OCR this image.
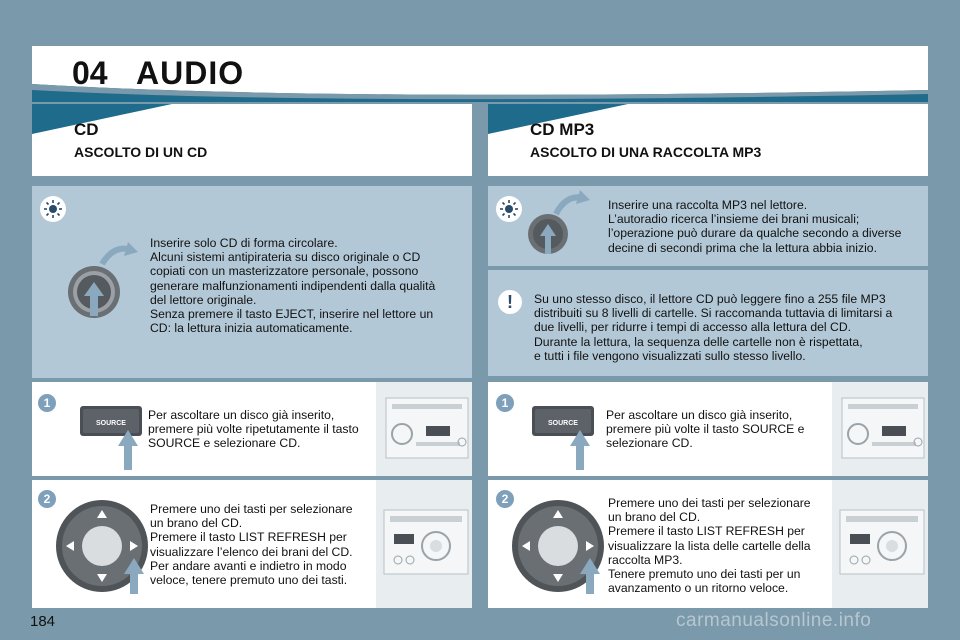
04 AUDIO
CD
ASCOLTO DI UN CD
CD MP3
ASCOLTO DI UNA RACCOLTA MP3
Inserire solo CD di forma circolare.
Alcuni sistemi antipirateria su disco originale o CD
copiati con un masterizzatore personale, possono
generare malfunzionamenti indipendenti dalla qualità
del lettore originale.
Senza premere il tasto EJECT, inserire nel lettore un
CD: la lettura inizia automaticamente.
Inserire una raccolta MP3 nel lettore.
L’autoradio ricerca l’insieme dei brani musicali;
l’operazione può durare da qualche secondo a diverse
decine di secondi prima che la lettura abbia inizio.
!	Su uno stesso disco, il lettore CD può leggere fino a 255 file MP3
distribuiti su 8 livelli di cartelle. Si raccomanda tuttavia di limitarsi a
due livelli, per ridurre i tempi di accesso alla lettura del CD.
Durante la lettura, la sequenza delle cartelle non è rispettata,
e tutti i file vengono visualizzati sullo stesso livello.
SOURCE
Per ascoltare un disco già inserito,
premere più volte ripetutamente il tasto
SOURCE e selezionare CD.
1
SOURCE
Per ascoltare un disco già inserito,
premere più volte il tasto SOURCE e
selezionare CD.
1
Premere uno dei tasti per selezionare
un brano del CD.
Premere il tasto LIST REFRESH per
visualizzare l’elenco dei brani del CD.
Per andare avanti e indietro in modo
veloce, tenere premuto uno dei tasti.
2	Premere uno dei tasti per selezionare
un brano del CD.
Premere il tasto LIST REFRESH per
visualizzare la lista delle cartelle della
raccolta MP3.
Tenere premuto uno dei tasti per un
avanzamento o un ritorno veloce.
2
184	carmanualsonline.info
